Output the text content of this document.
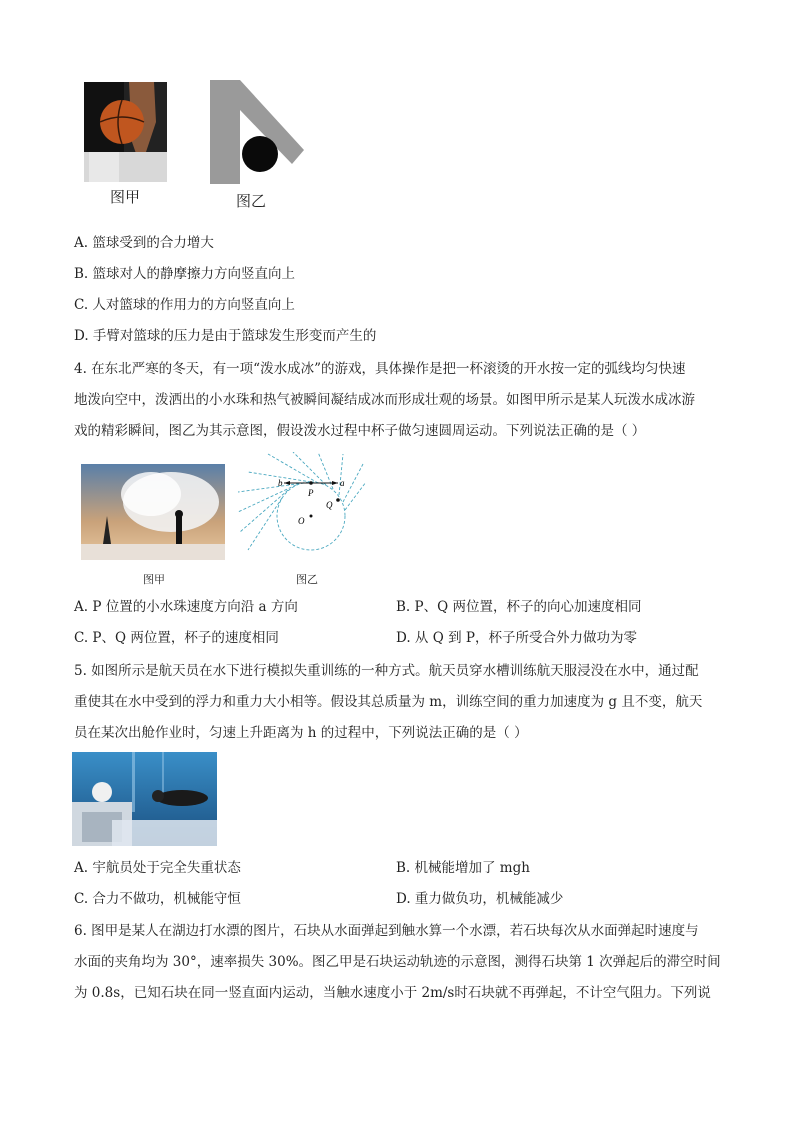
图甲	图乙
A. 篮球受到的合力增大
B. 篮球对人的静摩擦力方向竖直向上
C. 人对篮球的作用力的方向竖直向上
D. 手臂对篮球的压力是由于篮球发生形变而产生的
4. 在东北严寒的冬天，有一项“泼水成冰”的游戏，具体操作是把一杯滚烫的开水按一定的弧线均匀快速
地泼向空中，泼洒出的小水珠和热气被瞬间凝结成冰而形成壮观的场景。如图甲所示是某人玩泼水成冰游
戏的精彩瞬间，图乙为其示意图，假设泼水过程中杯子做匀速圆周运动。下列说法正确的是（ ）
图甲
b	a
P
Q
O
图乙
A. P 位置的小水珠速度方向沿 a 方向	B. P、Q 两位置，杯子的向心加速度相同
C. P、Q 两位置，杯子的速度相同	D. 从 Q 到 P，杯子所受合外力做功为零
5. 如图所示是航天员在水下进行模拟失重训练的一种方式。航天员穿水槽训练航天服浸没在水中，通过配
重使其在水中受到的浮力和重力大小相等。假设其总质量为 m，训练空间的重力加速度为 g 且不变，航天
员在某次出舱作业时，匀速上升距离为 h 的过程中，下列说法正确的是（ ）
A. 宇航员处于完全失重状态	B. 机械能增加了 mgh
C. 合力不做功，机械能守恒	D. 重力做负功，机械能减少
6. 图甲是某人在湖边打水漂的图片，石块从水面弹起到触水算一个水漂，若石块每次从水面弹起时速度与
水面的夹角均为 30°，速率损失 30%。图乙甲是石块运动轨迹的示意图，测得石块第 1 次弹起后的滞空时间
为 0.8s，已知石块在同一竖直面内运动，当触水速度小于 2m/s时石块就不再弹起，不计空气阻力。下列说
